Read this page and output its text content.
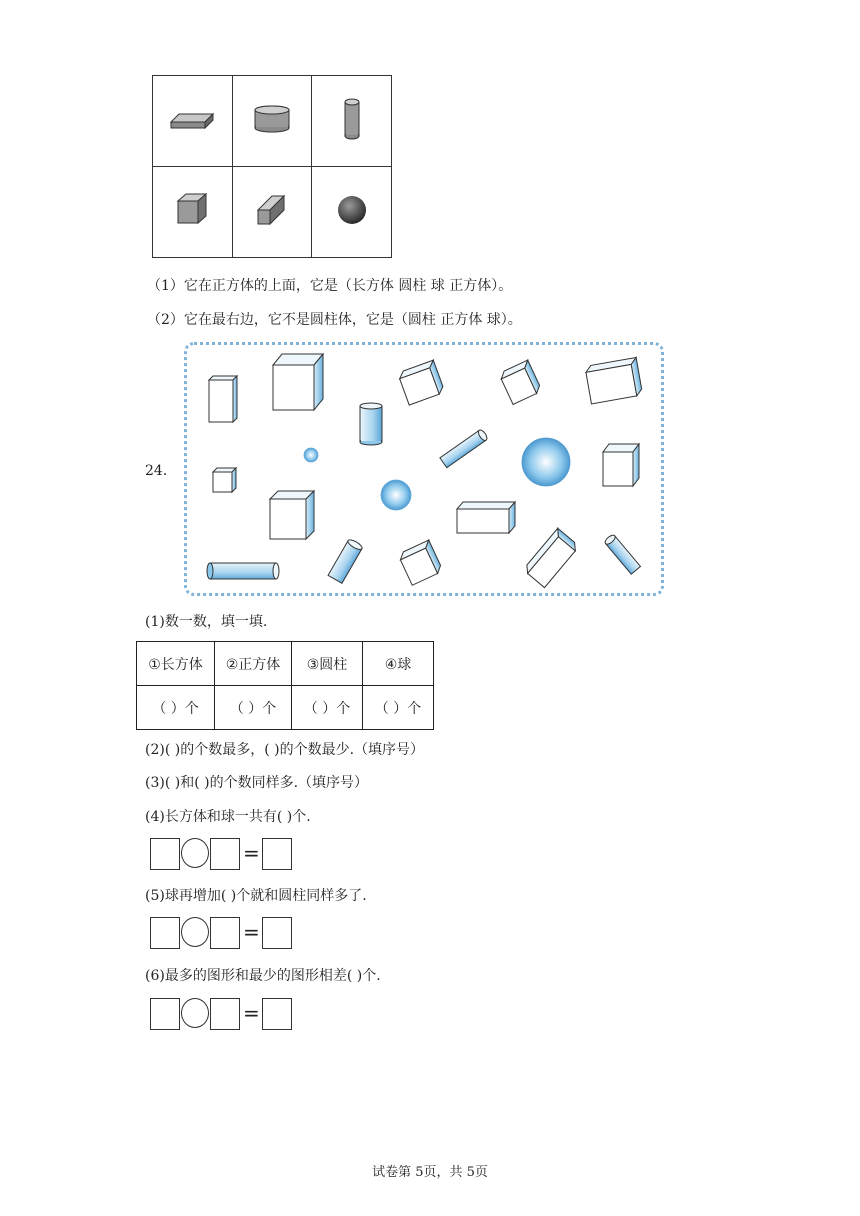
（1）它在正方体的上面，它是（长方体 圆柱 球 正方体）。
（2）它在最右边，它不是圆柱体，它是（圆柱 正方体 球）。
24．
(1)数一数，填一填.
①长方体	②正方体	③圆柱	④球
（ ）个	（ ）个	（ ）个	（ ）个
(2)( )的个数最多，( )的个数最少.（填序号）
(3)( )和( )的个数同样多.（填序号）
(4)长方体和球一共有( )个.
=
(5)球再增加( )个就和圆柱同样多了.
=
(6)最多的图形和最少的图形相差( )个.
=
试卷第 5页，共 5页
